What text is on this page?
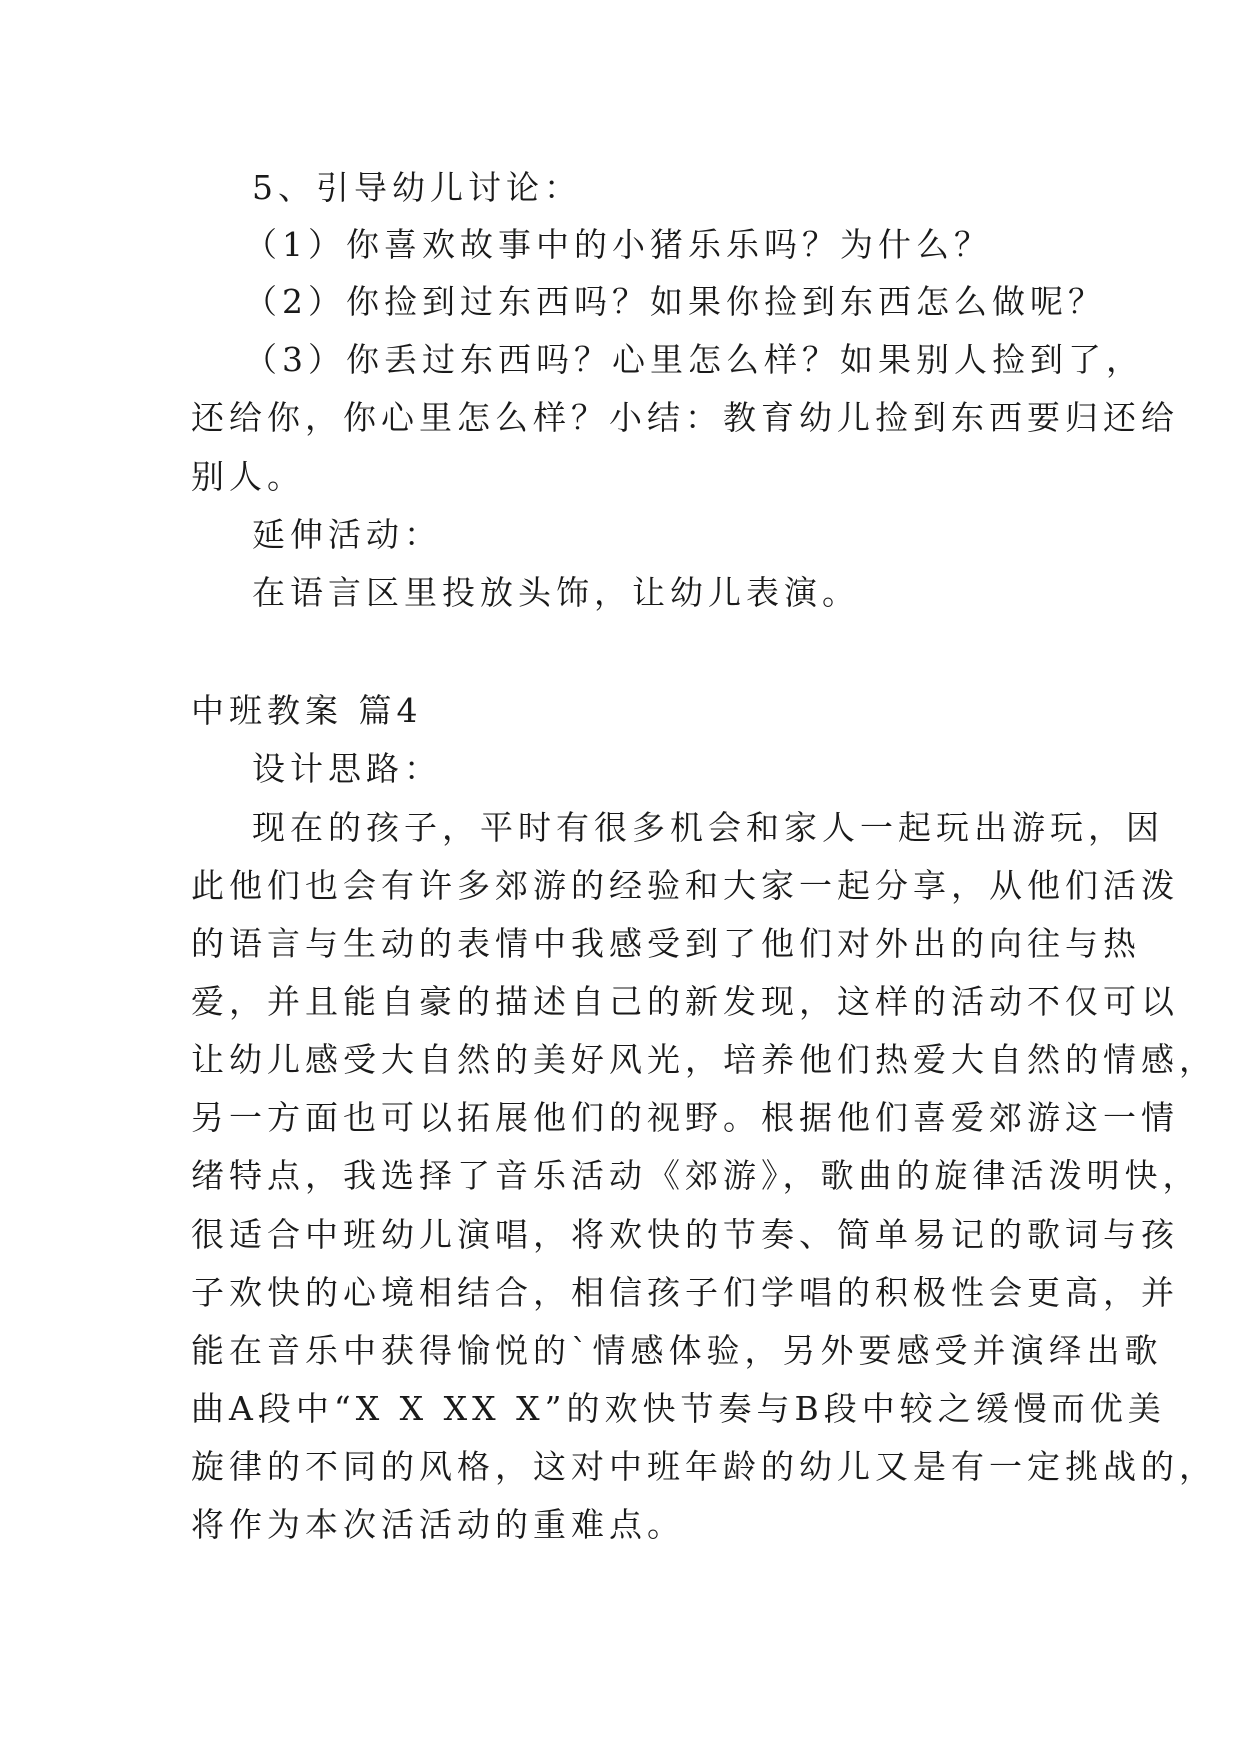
5、引导幼儿讨论：
（1）你喜欢故事中的小猪乐乐吗？为什么？
（2）你捡到过东西吗？如果你捡到东西怎么做呢？
（3）你丢过东西吗？心里怎么样？如果别人捡到了，
还给你，你心里怎么样？小结：教育幼儿捡到东西要归还给
别人。
延伸活动：
在语言区里投放头饰，让幼儿表演。
中班教案 篇4
设计思路：
现在的孩子，平时有很多机会和家人一起玩出游玩，因
此他们也会有许多郊游的经验和大家一起分享，从他们活泼
的语言与生动的表情中我感受到了他们对外出的向往与热
爱，并且能自豪的描述自己的新发现，这样的活动不仅可以
让幼儿感受大自然的美好风光，培养他们热爱大自然的情感，
另一方面也可以拓展他们的视野。根据他们喜爱郊游这一情
绪特点，我选择了音乐活动《郊游》，歌曲的旋律活泼明快，
很适合中班幼儿演唱，将欢快的节奏、简单易记的歌词与孩
子欢快的心境相结合，相信孩子们学唱的积极性会更高，并
能在音乐中获得愉悦的`情感体验，另外要感受并演绎出歌
曲A段中“X X XX X”的欢快节奏与B段中较之缓慢而优美
旋律的不同的风格，这对中班年龄的幼儿又是有一定挑战的，
将作为本次活活动的重难点。
